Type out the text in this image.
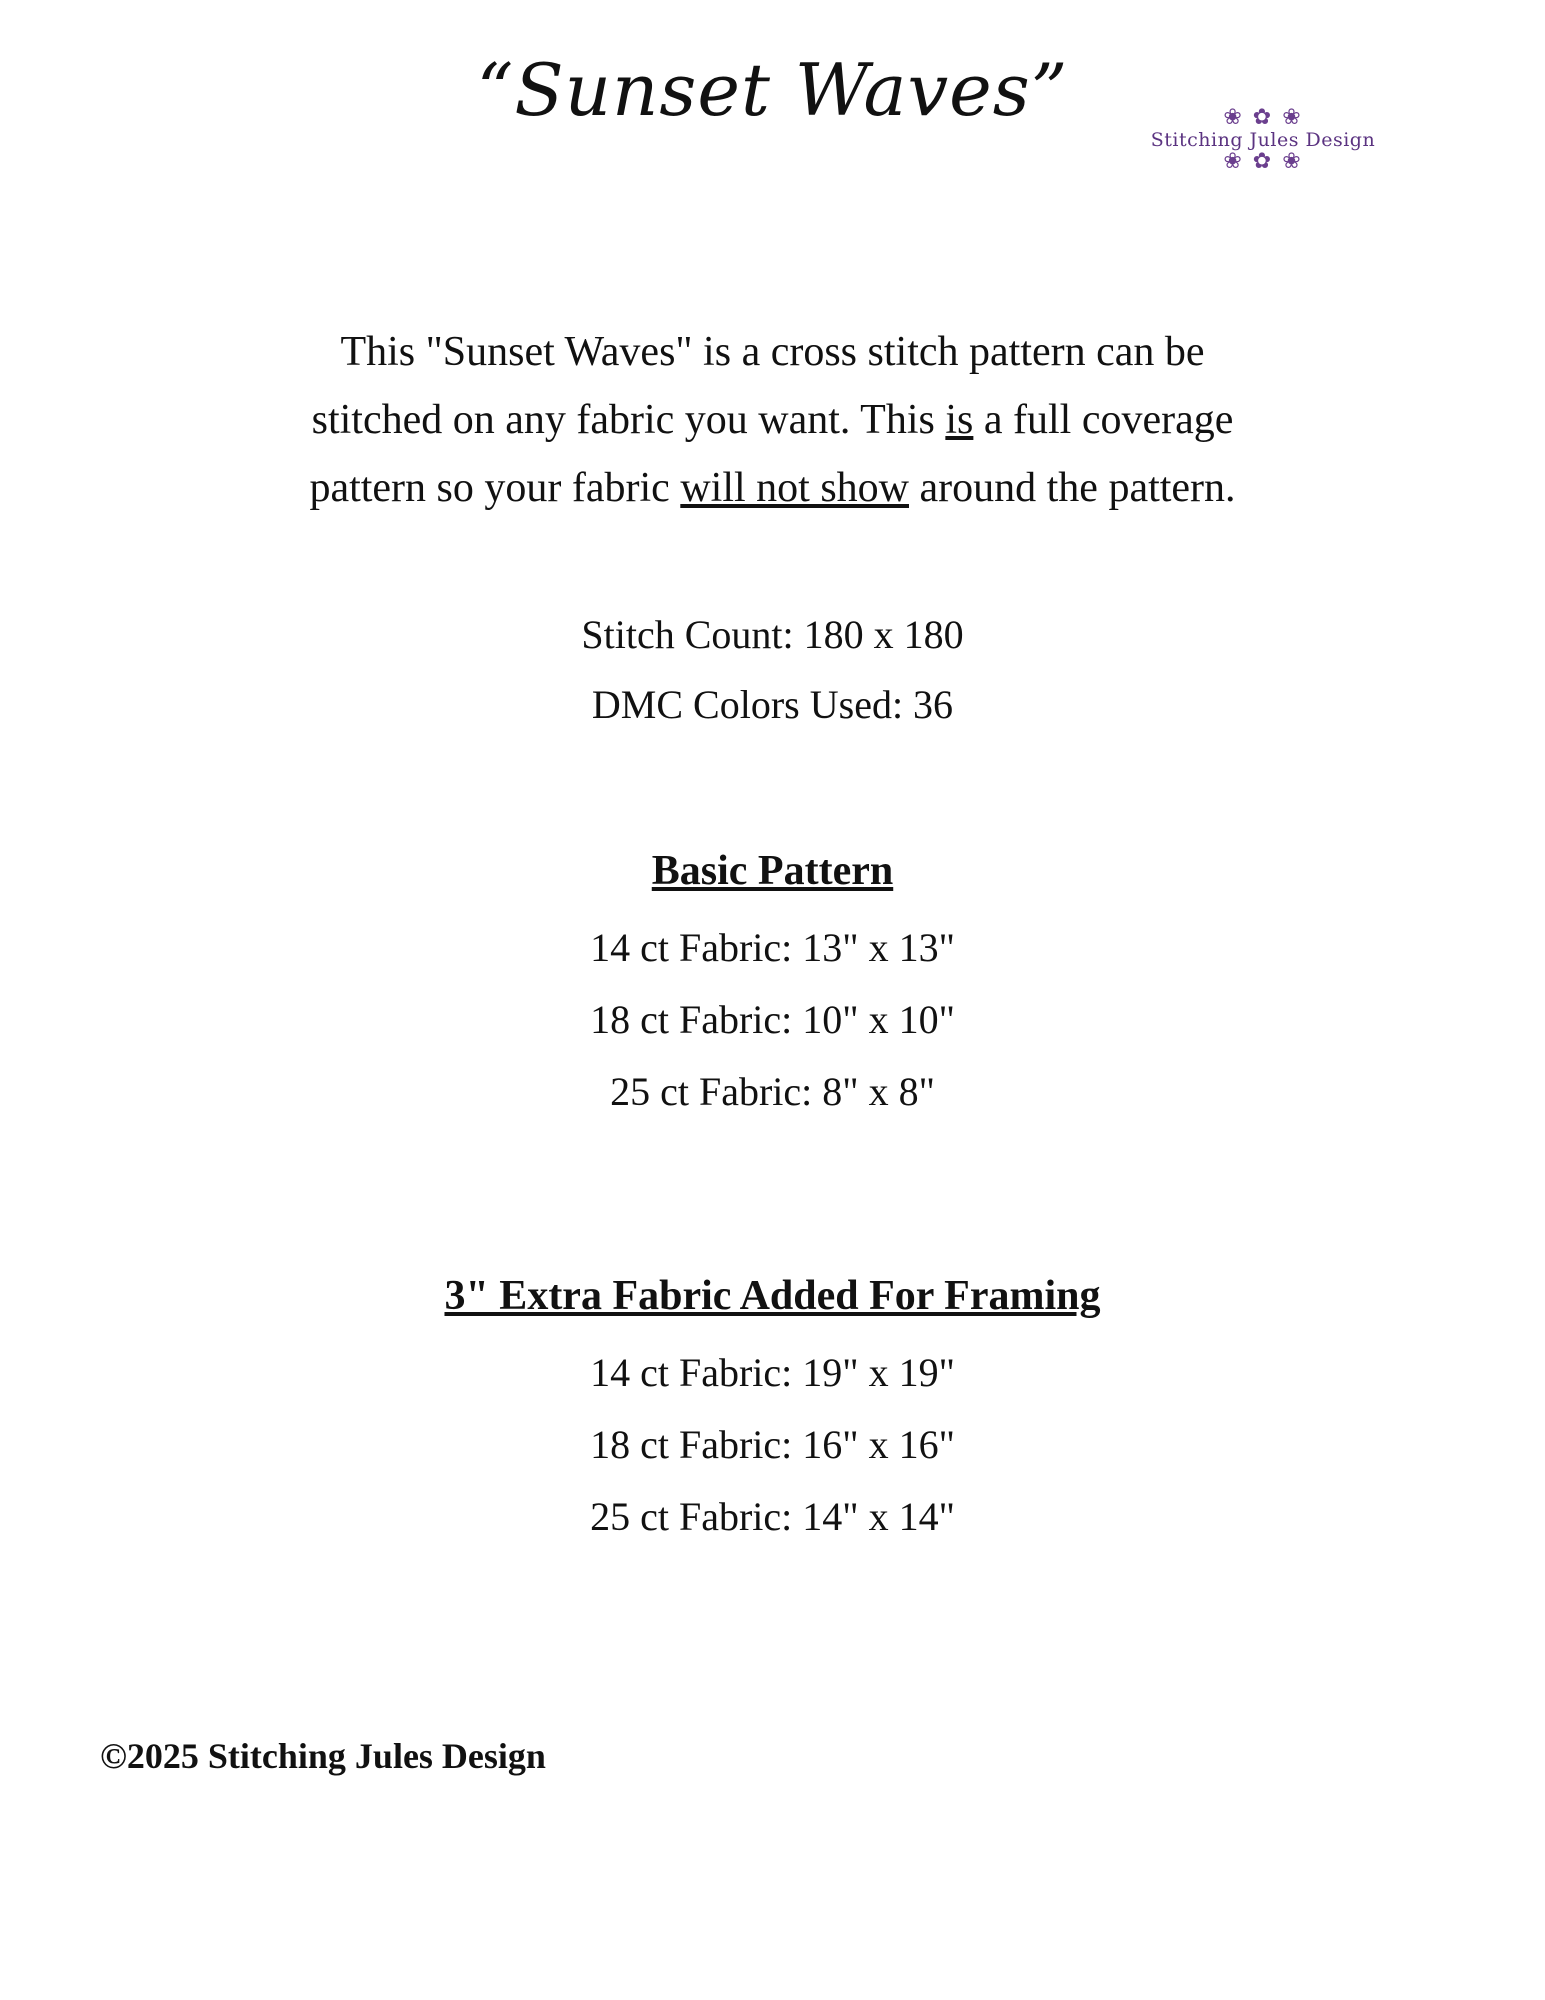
“Sunset Waves”	❀ ✿ ❀
Stitching Jules Design
❀ ✿ ❀
This "Sunset Waves" is a cross stitch pattern can be
stitched on any fabric you want. This is a full coverage
pattern so your fabric will not show around the pattern.
Stitch Count: 180 x 180
DMC Colors Used: 36
Basic Pattern
14 ct Fabric: 13" x 13"
18 ct Fabric: 10" x 10"
25 ct Fabric: 8" x 8"
3" Extra Fabric Added For Framing
14 ct Fabric: 19" x 19"
18 ct Fabric: 16" x 16"
25 ct Fabric: 14" x 14"
©2025 Stitching Jules Design
